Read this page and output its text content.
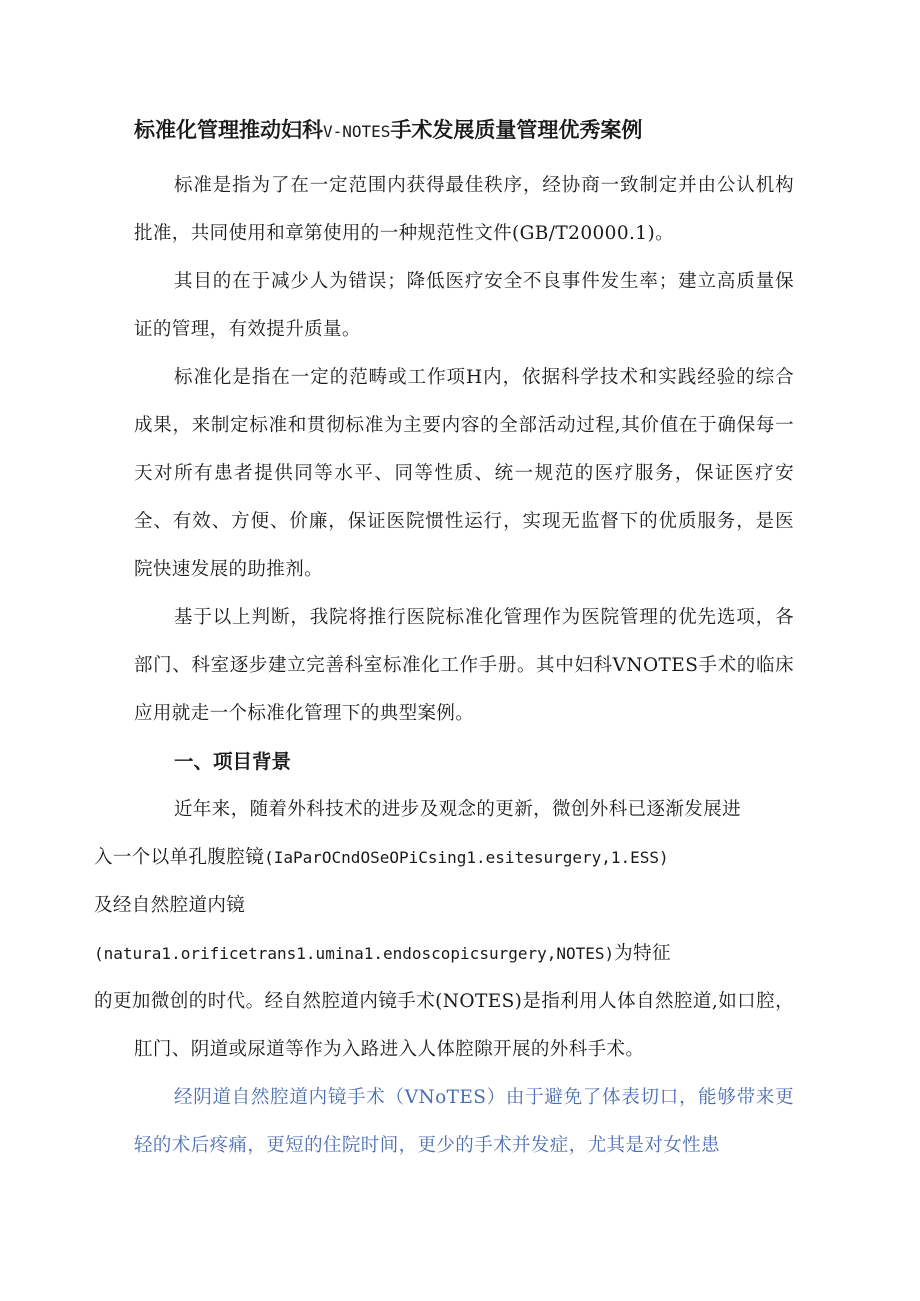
标准化管理推动妇科V-NOTES手术发展质量管理优秀案例

标准是指为了在一定范围内获得最佳秩序，经协商一致制定并由公认机构批准，共同使用和章第使用的一种规范性文件(GB/T20000.1)。

其目的在于减少人为错误；降低医疗安全不良事件发生率；建立高质量保证的管理，有效提升质量。

标准化是指在一定的范畴或工作项H内，依据科学技术和实践经验的综合成果，来制定标准和贯彻标准为主要内容的全部活动过程,其价值在于确保每一天对所有患者提供同等水平、同等性质、统一规范的医疗服务，保证医疗安全、有效、方便、价廉，保证医院惯性运行，实现无监督下的优质服务，是医院快速发展的助推剂。

基于以上判断，我院将推行医院标准化管理作为医院管理的优先选项，各部门、科室逐步建立完善科室标准化工作手册。其中妇科VNOTES手术的临床应用就走一个标准化管理下的典型案例。

一、项目背景

近年来，随着外科技术的进步及观念的更新，微创外科已逐渐发展进
入一个以单孔腹腔镜(IaParOCndOSeOPiCsing1.esitesurgery,1.ESS)
及经自然腔道内镜
(natura1.orificetrans1.umina1.endoscopicsurgery,NOTES)为特征
的更加微创的时代。经自然腔道内镜手术(NOTES)是指利用人体自然腔道,如口腔，肛门、阴道或尿道等作为入路进入人体腔隙开展的外科手术。

经阴道自然腔道内镜手术（VNoTES）由于避免了体表切口，能够带来更轻的术后疼痛，更短的住院时间，更少的手术并发症，尤其是对女性患
